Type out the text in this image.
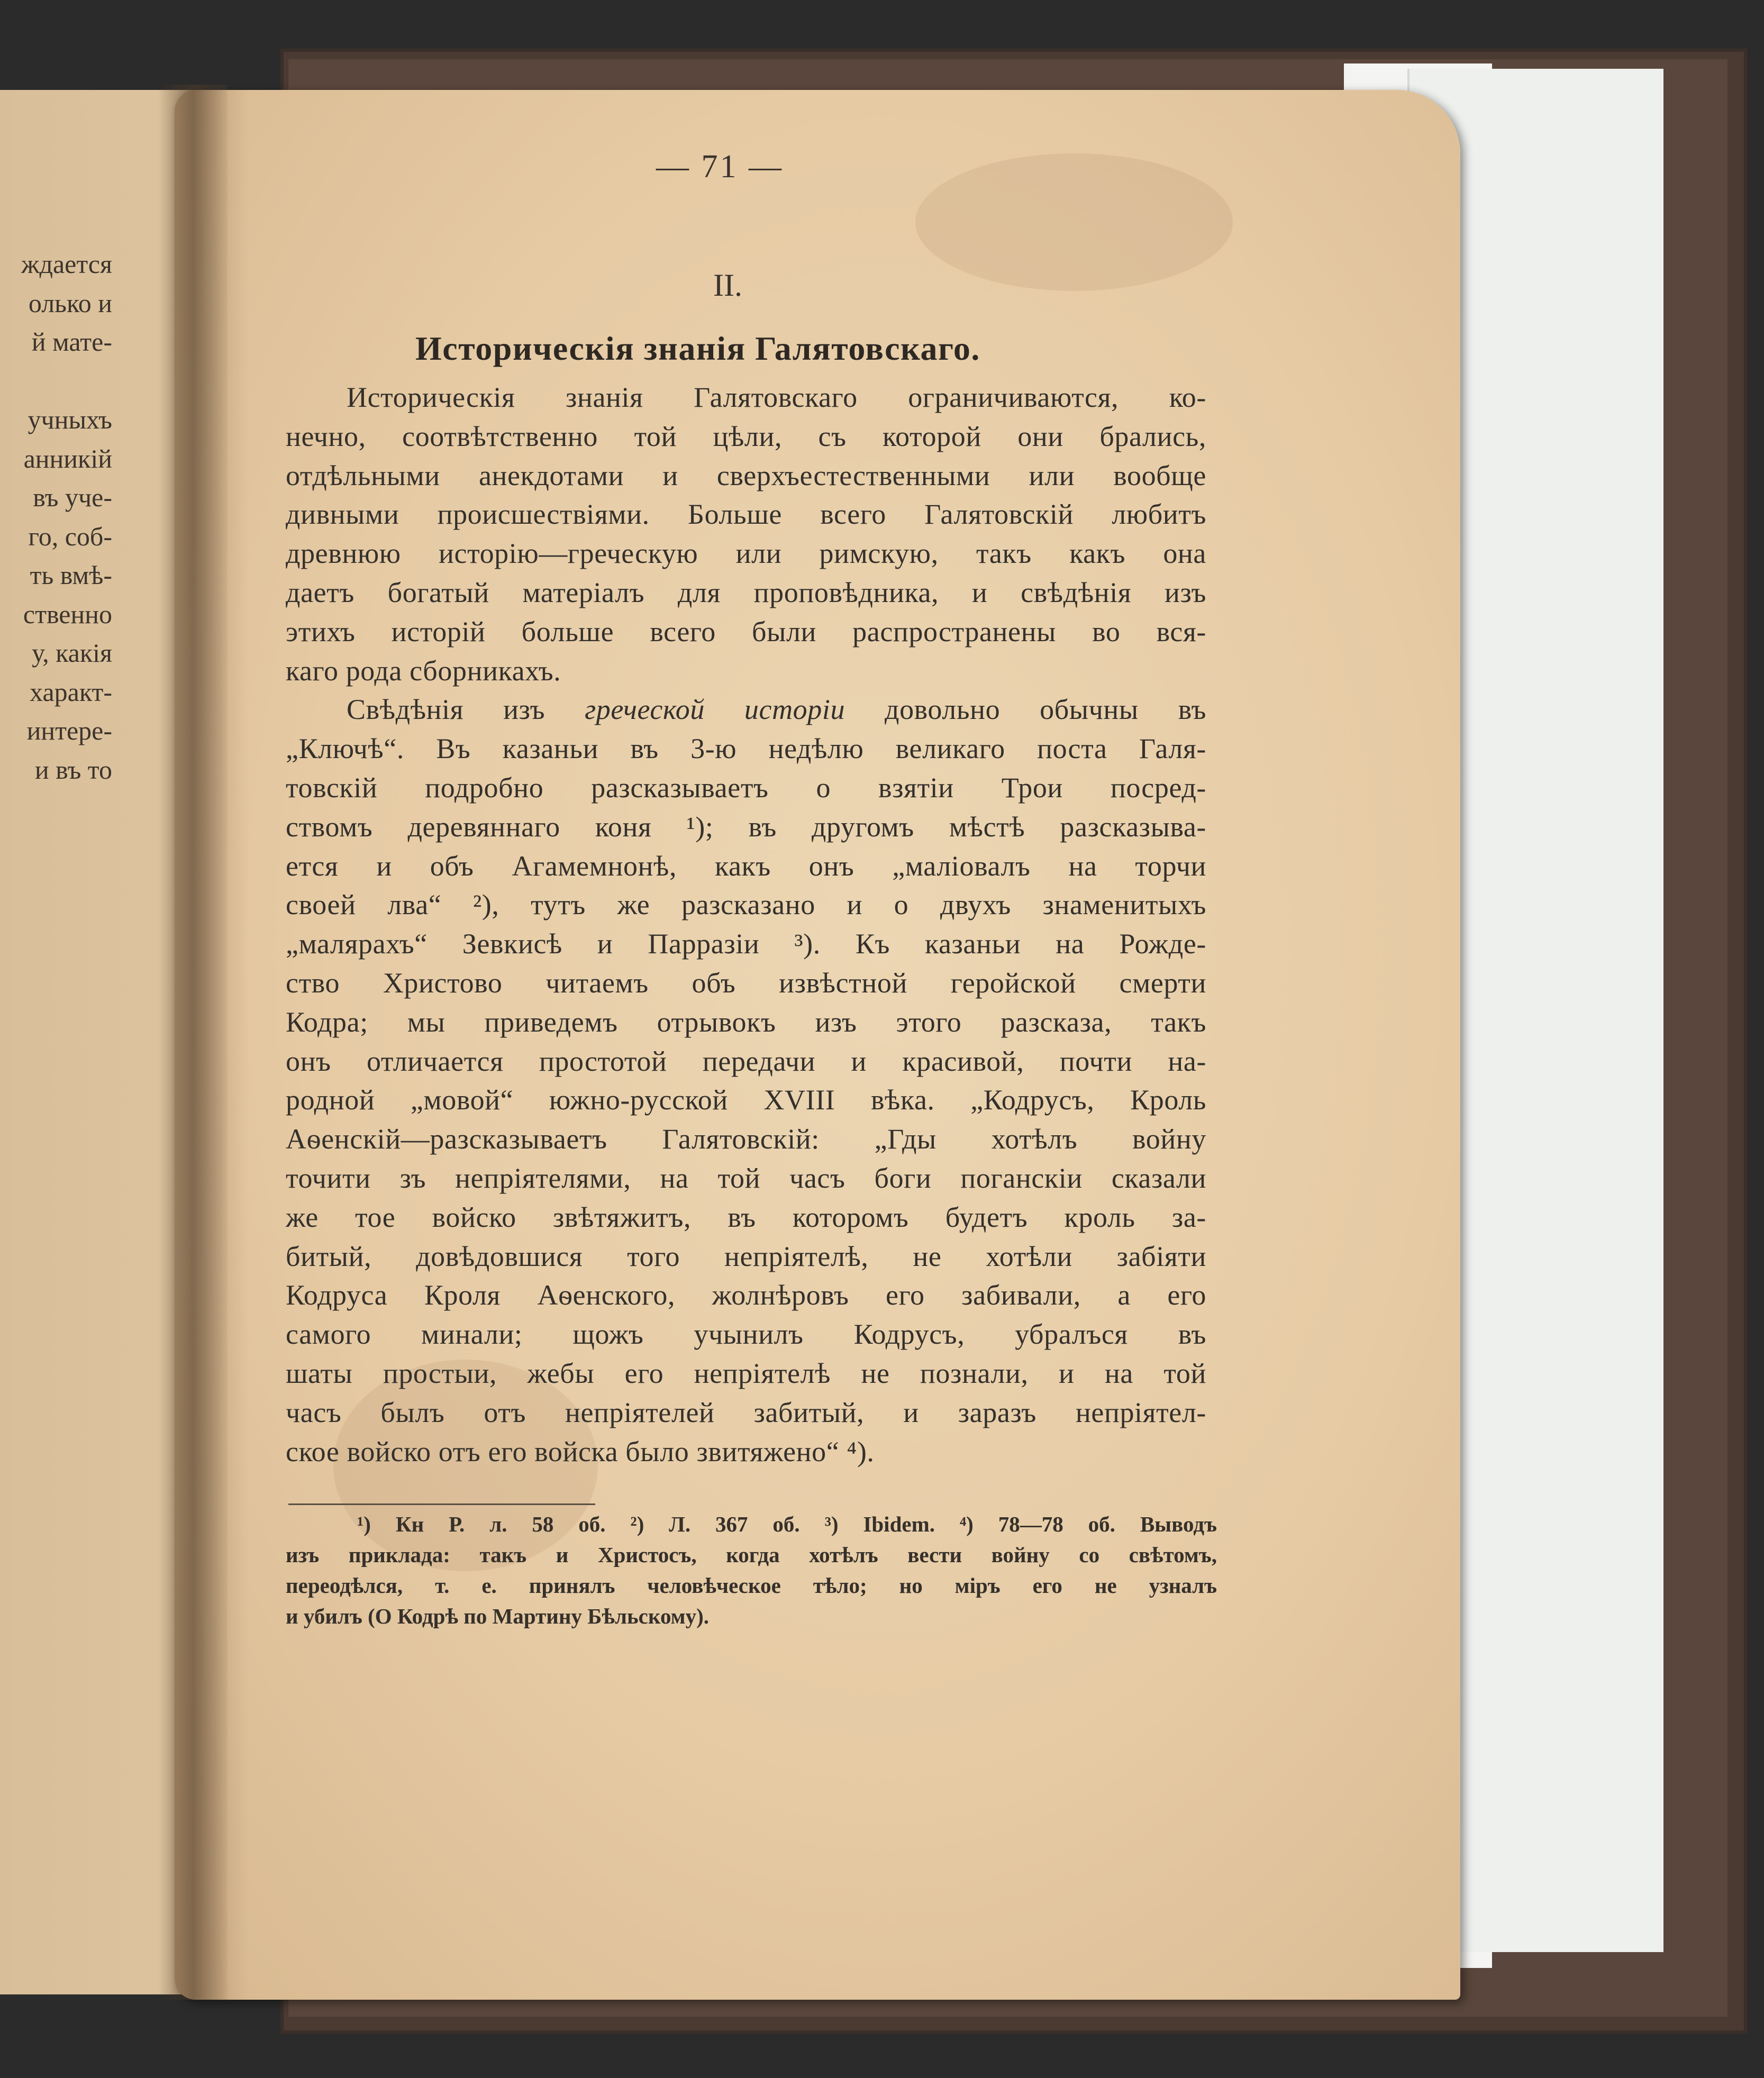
ждается
олько и
й мате-
учныхъ
анникій
въ уче-
го, соб-
ть вмѣ-
ственно
у, какія
характ-
интере-
и въ то
— 71 —
II.
Историческія знанія Галятовскаго.
Историческія знанія Галятовскаго ограничиваются, ко-
нечно, соотвѣтственно той цѣли, съ которой они брались,
отдѣльными анекдотами и сверхъестественными или вообще
дивными происшествіями. Больше всего Галятовскій любитъ
древнюю исторію—греческую или римскую, такъ какъ она
даетъ богатый матеріалъ для проповѣдника, и свѣдѣнія изъ
этихъ исторій больше всего были распространены во вся-
каго рода сборникахъ.
Свѣдѣнія изъ греческой исторіи довольно обычны въ
„Ключѣ“. Въ казаньи въ 3-ю недѣлю великаго поста Галя-
товскій подробно разсказываетъ о взятіи Трои посред-
ствомъ деревяннаго коня ¹); въ другомъ мѣстѣ разсказыва-
ется и объ Агамемнонѣ, какъ онъ „маліовалъ на торчи
своей лва“ ²), тутъ же разсказано и о двухъ знаменитыхъ
„малярахъ“ Зевкисѣ и Парразіи ³). Къ казаньи на Рожде-
ство Христово читаемъ объ извѣстной геройской смерти
Кодра; мы приведемъ отрывокъ изъ этого разсказа, такъ
онъ отличается простотой передачи и красивой, почти на-
родной „мовой“ южно-русской XVIII вѣка. „Кодрусъ, Кроль
Аѳенскій—разсказываетъ Галятовскій: „Гды хотѣлъ войну
точити зъ непріятелями, на той часъ боги поганскіи сказали
же тое войско звѣтяжитъ, въ которомъ будетъ кроль за-
битый, довѣдовшися того непріятелѣ, не хотѣли забіяти
Кодруса Кроля Аѳенского, жолнѣровъ его забивали, а его
самого минали; щожъ учынилъ Кодрусъ, убралъся въ
шаты простыи, жебы его непріятелѣ не познали, и на той
часъ былъ отъ непріятелей забитый, и заразъ непріятел-
ское войско отъ его войска было звитяжено“ ⁴).
¹) Кн Р. л. 58 об. ²) Л. 367 об. ³) Ibidem. ⁴) 78—78 об. Выводъ
изъ приклада: такъ и Христосъ, когда хотѣлъ вести войну со свѣтомъ,
переодѣлся, т. е. принялъ человѣческое тѣло; но міръ его не узналъ
и убилъ (О Кодрѣ по Мартину Бѣльскому).
